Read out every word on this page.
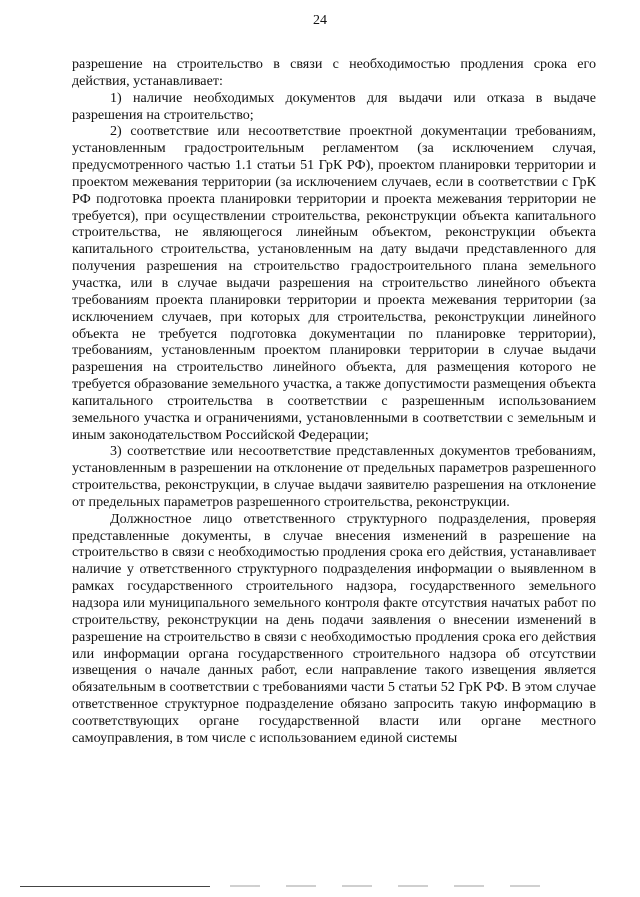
24

разрешение на строительство в связи с необходимостью продления срока его действия, устанавливает:

1) наличие необходимых документов для выдачи или отказа в выдаче разрешения на строительство;

2) соответствие или несоответствие проектной документации требованиям, установленным градостроительным регламентом (за исключением случая, предусмотренного частью 1.1 статьи 51 ГрК РФ), проектом планировки территории и проектом межевания территории (за исключением случаев, если в соответствии с ГрК РФ подготовка проекта планировки территории и проекта межевания территории не требуется), при осуществлении строительства, реконструкции объекта капитального строительства, не являющегося линейным объектом, реконструкции объекта капитального строительства, установленным на дату выдачи представленного для получения разрешения на строительство градостроительного плана земельного участка, или в случае выдачи разрешения на строительство линейного объекта требованиям проекта планировки территории и проекта межевания территории (за исключением случаев, при которых для строительства, реконструкции линейного объекта не требуется подготовка документации по планировке территории), требованиям, установленным проектом планировки территории в случае выдачи разрешения на строительство линейного объекта, для размещения которого не требуется образование земельного участка, а также допустимости размещения объекта капитального строительства в соответствии с разрешенным использованием земельного участка и ограничениями, установленными в соответствии с земельным и иным законодательством Российской Федерации;

3) соответствие или несоответствие представленных документов требованиям, установленным в разрешении на отклонение от предельных параметров разрешенного строительства, реконструкции, в случае выдачи заявителю разрешения на отклонение от предельных параметров разрешенного строительства, реконструкции.

Должностное лицо ответственного структурного подразделения, проверяя представленные документы, в случае внесения изменений в разрешение на строительство в связи с необходимостью продления срока его действия, устанавливает наличие у ответственного структурного подразделения информации о выявленном в рамках государственного строительного надзора, государственного земельного надзора или муниципального земельного контроля факте отсутствия начатых работ по строительству, реконструкции на день подачи заявления о внесении изменений в разрешение на строительство в связи с необходимостью продления срока его действия или информации органа государственного строительного надзора об отсутствии извещения о начале данных работ, если направление такого извещения является обязательным в соответствии с требованиями части 5 статьи 52 ГрК РФ. В этом случае ответственное структурное подразделение обязано запросить такую информацию в соответствующих органе государственной власти или органе местного самоуправления, в том числе с использованием единой системы
